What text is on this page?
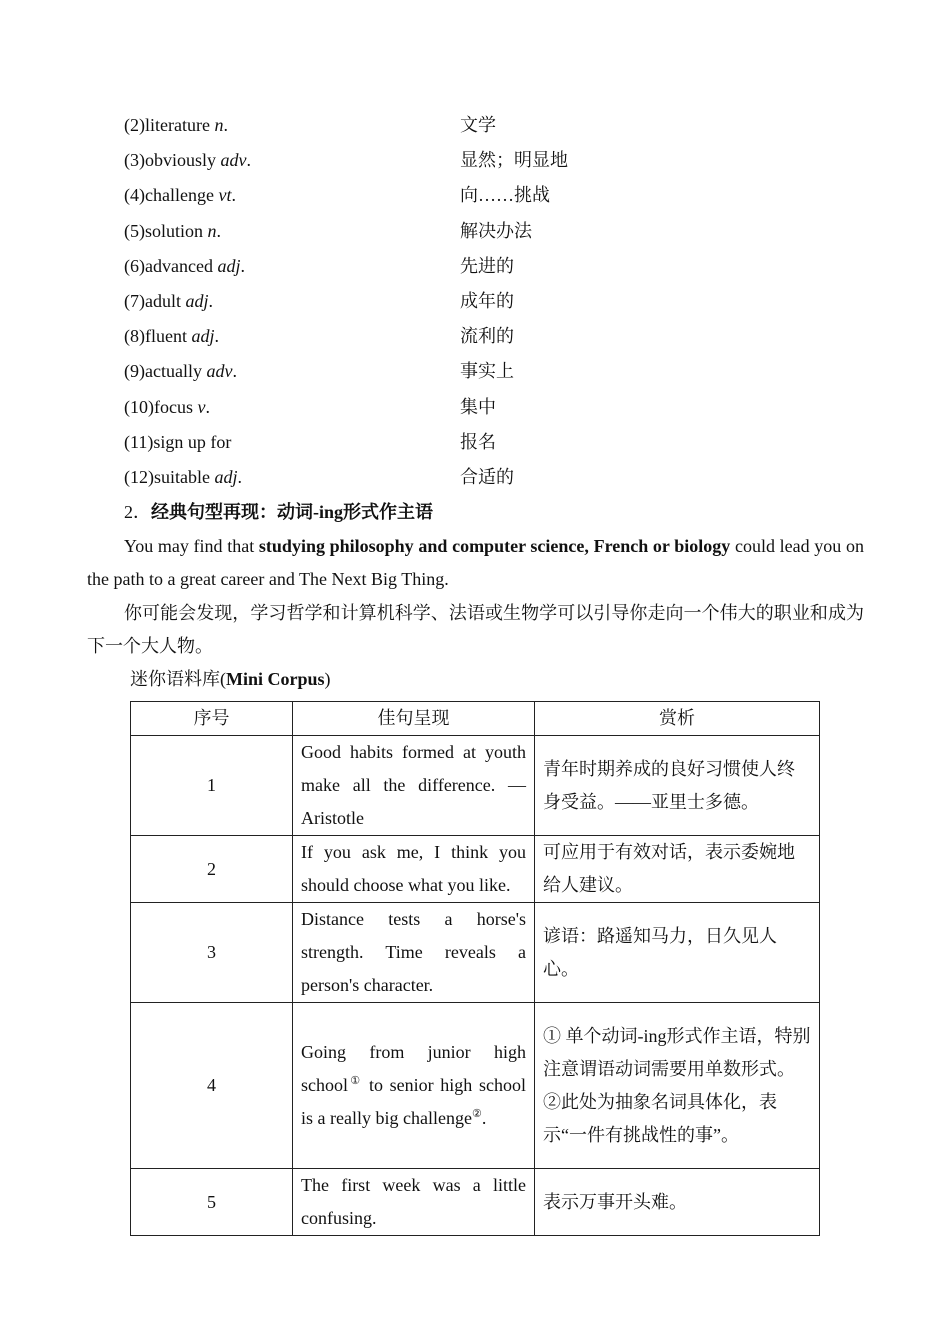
(2)literature n.	文学
(3)obviously adv.	显然；明显地
(4)challenge vt.	向……挑战
(5)solution n.	解决办法
(6)advanced adj.	先进的
(7)adult adj.	成年的
(8)fluent adj.	流利的
(9)actually adv.	事实上
(10)focus v.	集中
(11)sign up for	报名
(12)suitable adj.	合适的
2．经典句型再现：动词-ing形式作主语

You may find that studying philosophy and computer science, French or biology could lead you on the path to a great career and The Next Big Thing.

你可能会发现，学习哲学和计算机科学、法语或生物学可以引导你走向一个伟大的职业和成为下一个大人物。

迷你语料库(Mini Corpus)
序号	佳句呈现	赏析
1	Good habits formed at youth make all the difference. —Aristotle	青年时期养成的良好习惯使人终身受益。——亚里士多德。
2	If you ask me, I think you should choose what you like.	可应用于有效对话，表示委婉地给人建议。
3	Distance tests a horse's strength. Time reveals a person's character.	谚语：路遥知马力，日久见人心。
4	Going from junior high school① to senior high school is a really big challenge②.	① 单个动词-ing形式作主语，特别注意谓语动词需要用单数形式。②此处为抽象名词具体化，表示“一件有挑战性的事”。
5	The first week was a little confusing.	表示万事开头难。
